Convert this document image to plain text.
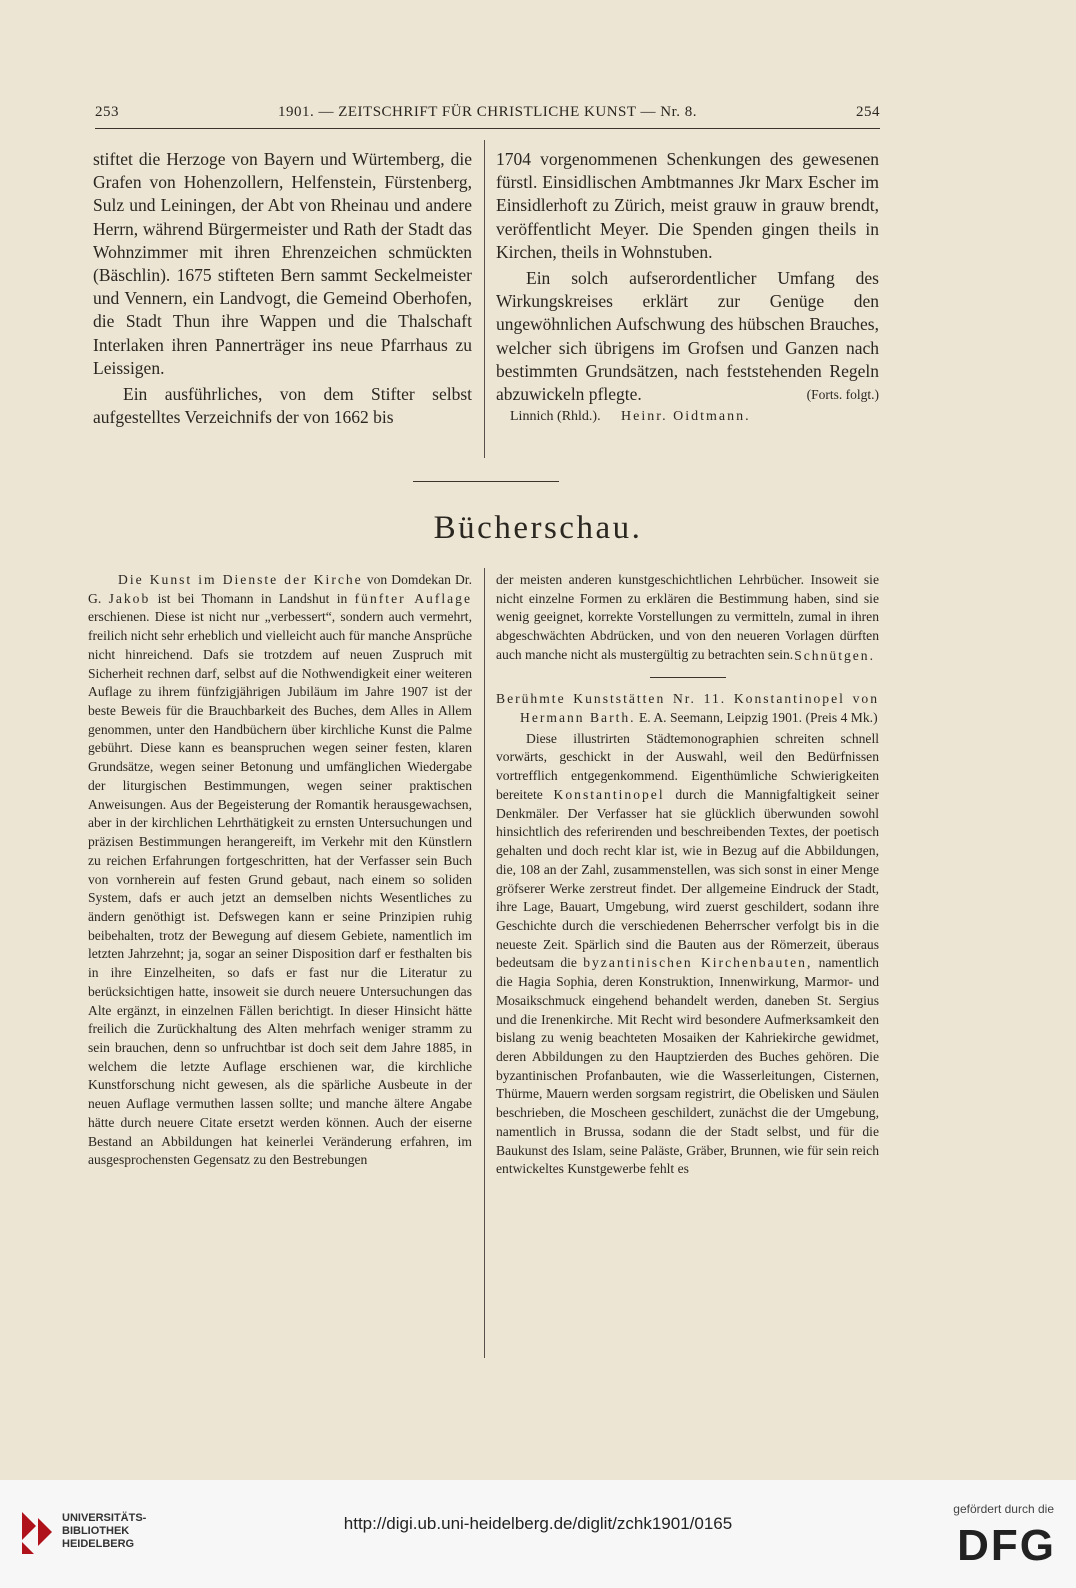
253	1901. — ZEITSCHRIFT FÜR CHRISTLICHE KUNST — Nr. 8.	254

stiftet die Herzoge von Bayern und Würtemberg, die Grafen von Hohenzollern, Helfenstein, Fürstenberg, Sulz und Leiningen, der Abt von Rheinau und andere Herrn, während Bürgermeister und Rath der Stadt das Wohnzimmer mit ihren Ehrenzeichen schmückten (Bäschlin). 1675 stifteten Bern sammt Seckelmeister und Vennern, ein Landvogt, die Gemeind Oberhofen, die Stadt Thun ihre Wappen und die Thalschaft Interlaken ihren Pannerträger ins neue Pfarrhaus zu Leissigen.

Ein ausführliches, von dem Stifter selbst aufgestelltes Verzeichnifs der von 1662 bis

1704 vorgenommenen Schenkungen des gewesenen fürstl. Einsidlischen Ambtmannes Jkr Marx Escher im Einsidlerhoft zu Zürich, meist grauw in grauw brendt, veröffentlicht Meyer. Die Spenden gingen theils in Kirchen, theils in Wohnstuben.

Ein solch aufserordentlicher Umfang des Wirkungskreises erklärt zur Genüge den ungewöhnlichen Aufschwung des hübschen Brauches, welcher sich übrigens im Grofsen und Ganzen nach bestimmten Grundsätzen, nach feststehenden Regeln abzuwickeln pflegte.	(Forts. folgt.)

Linnich (Rhld.). Heinr. Oidtmann.
Bücherschau.

Die Kunst im Dienste der Kirche von Domdekan Dr. G. Jakob ist bei Thomann in Landshut in fünfter Auflage erschienen. Diese ist nicht nur „verbessert“, sondern auch vermehrt, freilich nicht sehr erheblich und vielleicht auch für manche Ansprüche nicht hinreichend. Dafs sie trotzdem auf neuen Zuspruch mit Sicherheit rechnen darf, selbst auf die Nothwendigkeit einer weiteren Auflage zu ihrem fünfzigjährigen Jubiläum im Jahre 1907 ist der beste Beweis für die Brauchbarkeit des Buches, dem Alles in Allem genommen, unter den Handbüchern über kirchliche Kunst die Palme gebührt. Diese kann es beanspruchen wegen seiner festen, klaren Grundsätze, wegen seiner Betonung und umfänglichen Wiedergabe der liturgischen Bestimmungen, wegen seiner praktischen Anweisungen. Aus der Begeisterung der Romantik herausgewachsen, aber in der kirchlichen Lehrthätigkeit zu ernsten Untersuchungen und präzisen Bestimmungen herangereift, im Verkehr mit den Künstlern zu reichen Erfahrungen fortgeschritten, hat der Verfasser sein Buch von vornherein auf festen Grund gebaut, nach einem so soliden System, dafs er auch jetzt an demselben nichts Wesentliches zu ändern genöthigt ist. Defswegen kann er seine Prinzipien ruhig beibehalten, trotz der Bewegung auf diesem Gebiete, namentlich im letzten Jahrzehnt; ja, sogar an seiner Disposition darf er festhalten bis in ihre Einzelheiten, so dafs er fast nur die Literatur zu berücksichtigen hatte, insoweit sie durch neuere Untersuchungen das Alte ergänzt, in einzelnen Fällen berichtigt. In dieser Hinsicht hätte freilich die Zurückhaltung des Alten mehrfach weniger stramm zu sein brauchen, denn so unfruchtbar ist doch seit dem Jahre 1885, in welchem die letzte Auflage erschienen war, die kirchliche Kunstforschung nicht gewesen, als die spärliche Ausbeute in der neuen Auflage vermuthen lassen sollte; und manche ältere Angabe hätte durch neuere Citate ersetzt werden können. Auch der eiserne Bestand an Abbildungen hat keinerlei Veränderung erfahren, im ausgesprochensten Gegensatz zu den Bestrebungen

der meisten anderen kunstgeschichtlichen Lehrbücher. Insoweit sie nicht einzelne Formen zu erklären die Bestimmung haben, sind sie wenig geeignet, korrekte Vorstellungen zu vermitteln, zumal in ihren abgeschwächten Abdrücken, und von den neueren Vorlagen dürften auch manche nicht als mustergültig zu betrachten sein. Schnütgen.

Berühmte Kunststätten Nr. 11. Konstantinopel von Hermann Barth. E. A. Seemann, Leipzig 1901. (Preis 4 Mk.)

Diese illustrirten Städtemonographien schreiten schnell vorwärts, geschickt in der Auswahl, weil den Bedürfnissen vortrefflich entgegenkommend. Eigenthümliche Schwierigkeiten bereitete Konstantinopel durch die Mannigfaltigkeit seiner Denkmäler. Der Verfasser hat sie glücklich überwunden sowohl hinsichtlich des referirenden und beschreibenden Textes, der poetisch gehalten und doch recht klar ist, wie in Bezug auf die Abbildungen, die, 108 an der Zahl, zusammenstellen, was sich sonst in einer Menge gröfserer Werke zerstreut findet. Der allgemeine Eindruck der Stadt, ihre Lage, Bauart, Umgebung, wird zuerst geschildert, sodann ihre Geschichte durch die verschiedenen Beherrscher verfolgt bis in die neueste Zeit. Spärlich sind die Bauten aus der Römerzeit, überaus bedeutsam die byzantinischen Kirchenbauten, namentlich die Hagia Sophia, deren Konstruktion, Innenwirkung, Marmor- und Mosaikschmuck eingehend behandelt werden, daneben St. Sergius und die Irenenkirche. Mit Recht wird besondere Aufmerksamkeit den bislang zu wenig beachteten Mosaiken der Kahriekirche gewidmet, deren Abbildungen zu den Hauptzierden des Buches gehören. Die byzantinischen Profanbauten, wie die Wasserleitungen, Cisternen, Thürme, Mauern werden sorgsam registrirt, die Obelisken und Säulen beschrieben, die Moscheen geschildert, zunächst die der Umgebung, namentlich in Brussa, sodann die der Stadt selbst, und für die Baukunst des Islam, seine Paläste, Gräber, Brunnen, wie für sein reich entwickeltes Kunstgewerbe fehlt es

UNIVERSITÄTS-
BIBLIOTHEK
HEIDELBERG
http://digi.ub.uni-heidelberg.de/diglit/zchk1901/0165
gefördert durch die
DFG
